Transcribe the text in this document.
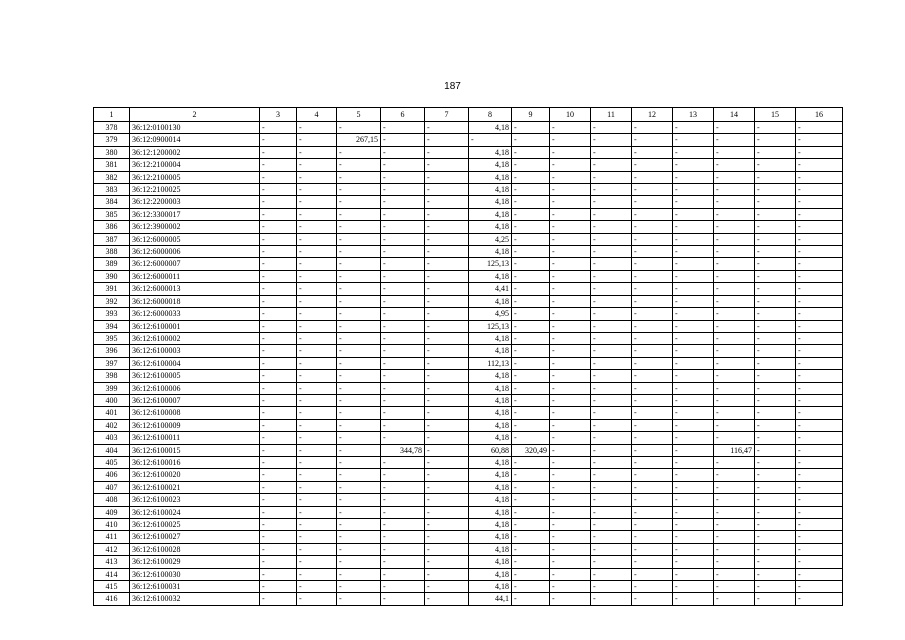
187
1	2	3	4	5	6	7	8	9	10	11	12	13	14	15	16
378	36:12:0100130	-	-	-	-	-	4,18	-	-	-	-	-	-	-	-
379	36:12:0900014	-	-	267,15	-	-	-	-	-	-	-	-	-	-	-
380	36:12:1200002	-	-	-	-	-	4,18	-	-	-	-	-	-	-	-
381	36:12:2100004	-	-	-	-	-	4,18	-	-	-	-	-	-	-	-
382	36:12:2100005	-	-	-	-	-	4,18	-	-	-	-	-	-	-	-
383	36:12:2100025	-	-	-	-	-	4,18	-	-	-	-	-	-	-	-
384	36:12:2200003	-	-	-	-	-	4,18	-	-	-	-	-	-	-	-
385	36:12:3300017	-	-	-	-	-	4,18	-	-	-	-	-	-	-	-
386	36:12:3900002	-	-	-	-	-	4,18	-	-	-	-	-	-	-	-
387	36:12:6000005	-	-	-	-	-	4,25	-	-	-	-	-	-	-	-
388	36:12:6000006	-	-	-	-	-	4,18	-	-	-	-	-	-	-	-
389	36:12:6000007	-	-	-	-	-	125,13	-	-	-	-	-	-	-	-
390	36:12:6000011	-	-	-	-	-	4,18	-	-	-	-	-	-	-	-
391	36:12:6000013	-	-	-	-	-	4,41	-	-	-	-	-	-	-	-
392	36:12:6000018	-	-	-	-	-	4,18	-	-	-	-	-	-	-	-
393	36:12:6000033	-	-	-	-	-	4,95	-	-	-	-	-	-	-	-
394	36:12:6100001	-	-	-	-	-	125,13	-	-	-	-	-	-	-	-
395	36:12:6100002	-	-	-	-	-	4,18	-	-	-	-	-	-	-	-
396	36:12:6100003	-	-	-	-	-	4,18	-	-	-	-	-	-	-	-
397	36:12:6100004	-	-	-	-	-	112,13	-	-	-	-	-	-	-	-
398	36:12:6100005	-	-	-	-	-	4,18	-	-	-	-	-	-	-	-
399	36:12:6100006	-	-	-	-	-	4,18	-	-	-	-	-	-	-	-
400	36:12:6100007	-	-	-	-	-	4,18	-	-	-	-	-	-	-	-
401	36:12:6100008	-	-	-	-	-	4,18	-	-	-	-	-	-	-	-
402	36:12:6100009	-	-	-	-	-	4,18	-	-	-	-	-	-	-	-
403	36:12:6100011	-	-	-	-	-	4,18	-	-	-	-	-	-	-	-
404	36:12:6100015	-	-	-	344,78	-	60,88	320,49	-	-	-	-	116,47	-	-
405	36:12:6100016	-	-	-	-	-	4,18	-	-	-	-	-	-	-	-
406	36:12:6100020	-	-	-	-	-	4,18	-	-	-	-	-	-	-	-
407	36:12:6100021	-	-	-	-	-	4,18	-	-	-	-	-	-	-	-
408	36:12:6100023	-	-	-	-	-	4,18	-	-	-	-	-	-	-	-
409	36:12:6100024	-	-	-	-	-	4,18	-	-	-	-	-	-	-	-
410	36:12:6100025	-	-	-	-	-	4,18	-	-	-	-	-	-	-	-
411	36:12:6100027	-	-	-	-	-	4,18	-	-	-	-	-	-	-	-
412	36:12:6100028	-	-	-	-	-	4,18	-	-	-	-	-	-	-	-
413	36:12:6100029	-	-	-	-	-	4,18	-	-	-	-	-	-	-	-
414	36:12:6100030	-	-	-	-	-	4,18	-	-	-	-	-	-	-	-
415	36:12:6100031	-	-	-	-	-	4,18	-	-	-	-	-	-	-	-
416	36:12:6100032	-	-	-	-	-	44,1	-	-	-	-	-	-	-	-
